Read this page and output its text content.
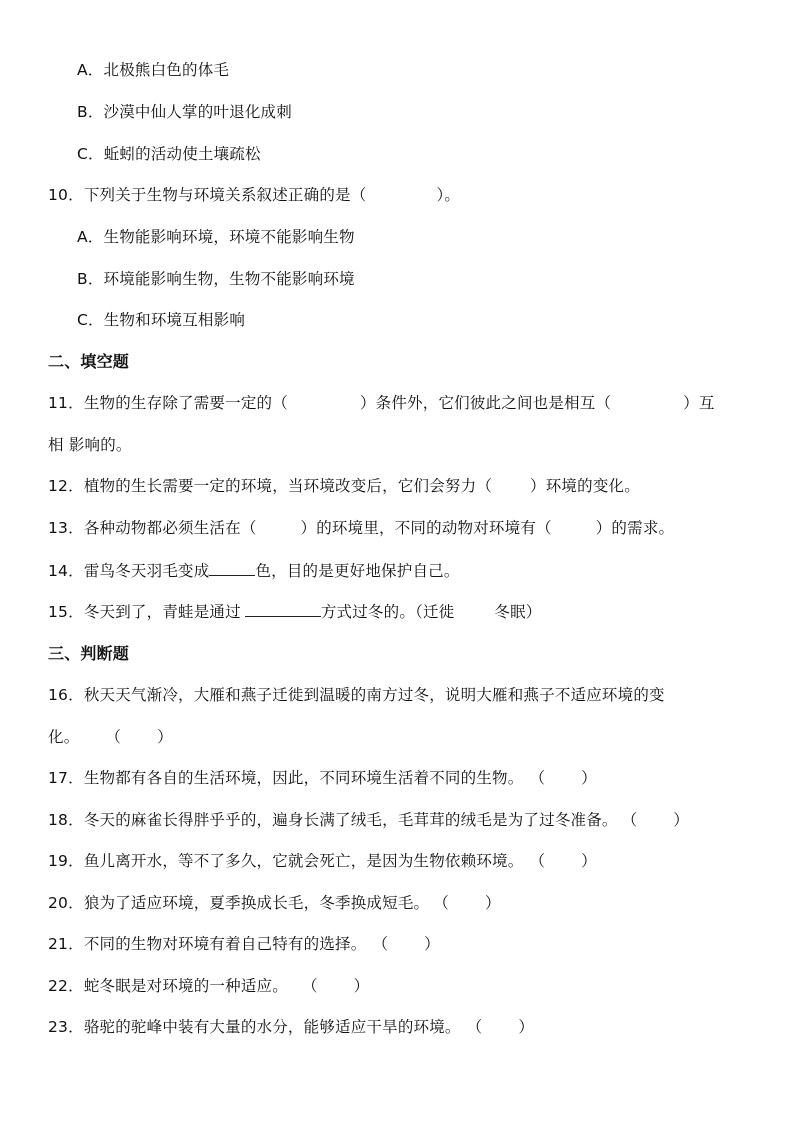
A．北极熊白色的体毛
B．沙漠中仙人掌的叶退化成刺
C．蚯蚓的活动使土壤疏松
10．下列关于生物与环境关系叙述正确的是（	）。
A．生物能影响环境，环境不能影响生物
B．环境能影响生物，生物不能影响环境
C．生物和环境互相影响
二、填空题
11．生物的生存除了需要一定的（	）条件外，它们彼此之间也是相互（	）互
相 影响的。
12．植物的生长需要一定的环境，当环境改变后，它们会努力（ ）环境的变化。
13．各种动物都必须生活在（	）的环境里，不同的动物对环境有（	）的需求。
14．雷鸟冬天羽毛变成	色，目的是更好地保护自己。
15．冬天到了，青蛙是通过	方式过冬的。（迁徙	冬眠）
三、判断题
16．秋天天气渐冷，大雁和燕子迁徙到温暖的南方过冬，说明大雁和燕子不适应环境的变
化。 （ ）
17．生物都有各自的生活环境，因此，不同环境生活着不同的生物。 （ ）
18．冬天的麻雀长得胖乎乎的，遍身长满了绒毛，毛茸茸的绒毛是为了过冬准备。 （ ）
19．鱼儿离开水，等不了多久，它就会死亡，是因为生物依赖环境。 （ ）
20．狼为了适应环境，夏季换成长毛，冬季换成短毛。 （ ）
21．不同的生物对环境有着自己特有的选择。 （ ）
22．蛇冬眠是对环境的一种适应。 （ ）
23．骆驼的驼峰中装有大量的水分，能够适应干旱的环境。 （ ）
